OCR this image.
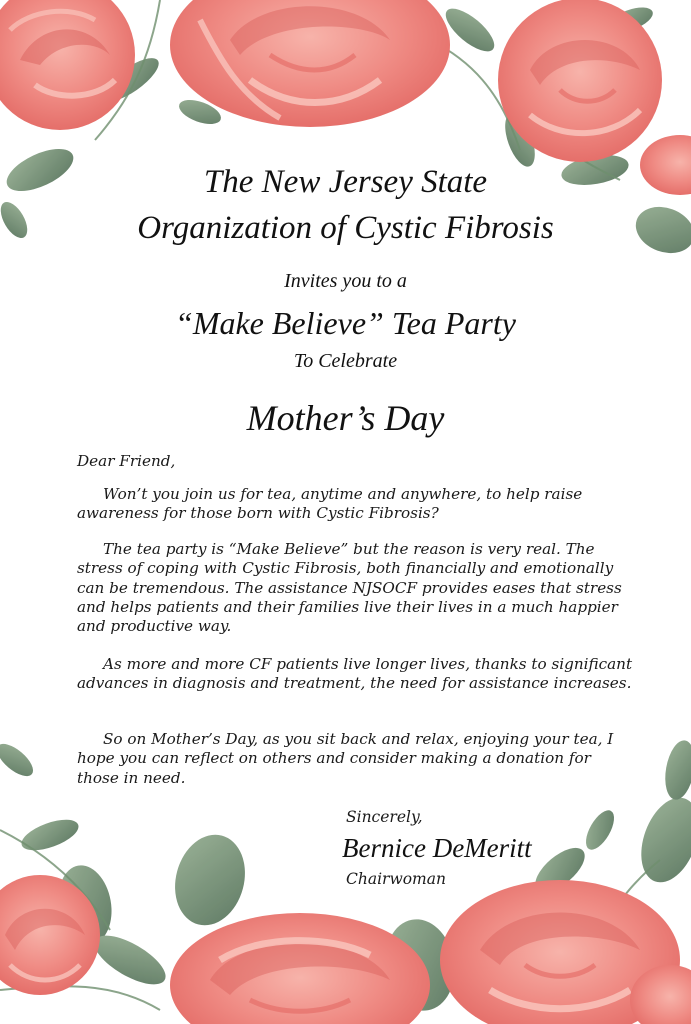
The New Jersey State

Organization of Cystic Fibrosis

Invites you to a

“Make Believe” Tea Party

To Celebrate

Mother’s Day

Dear Friend,

Won’t you join us for tea, anytime and anywhere, to help raise awareness for those born with Cystic Fibrosis?

The tea party is “Make Believe” but the reason is very real. The stress of coping with Cystic Fibrosis, both financially and emotionally can be tremendous. The assistance NJSOCF provides eases that stress and helps patients and their families live their lives in a much happier and productive way.

As more and more CF patients live longer lives, thanks to significant advances in diagnosis and treatment, the need for assistance increases.

So on Mother’s Day, as you sit back and relax, enjoying your tea, I hope you can reflect on others and consider making a donation for those in need.

Sincerely,

Bernice DeMeritt

Chairwoman
